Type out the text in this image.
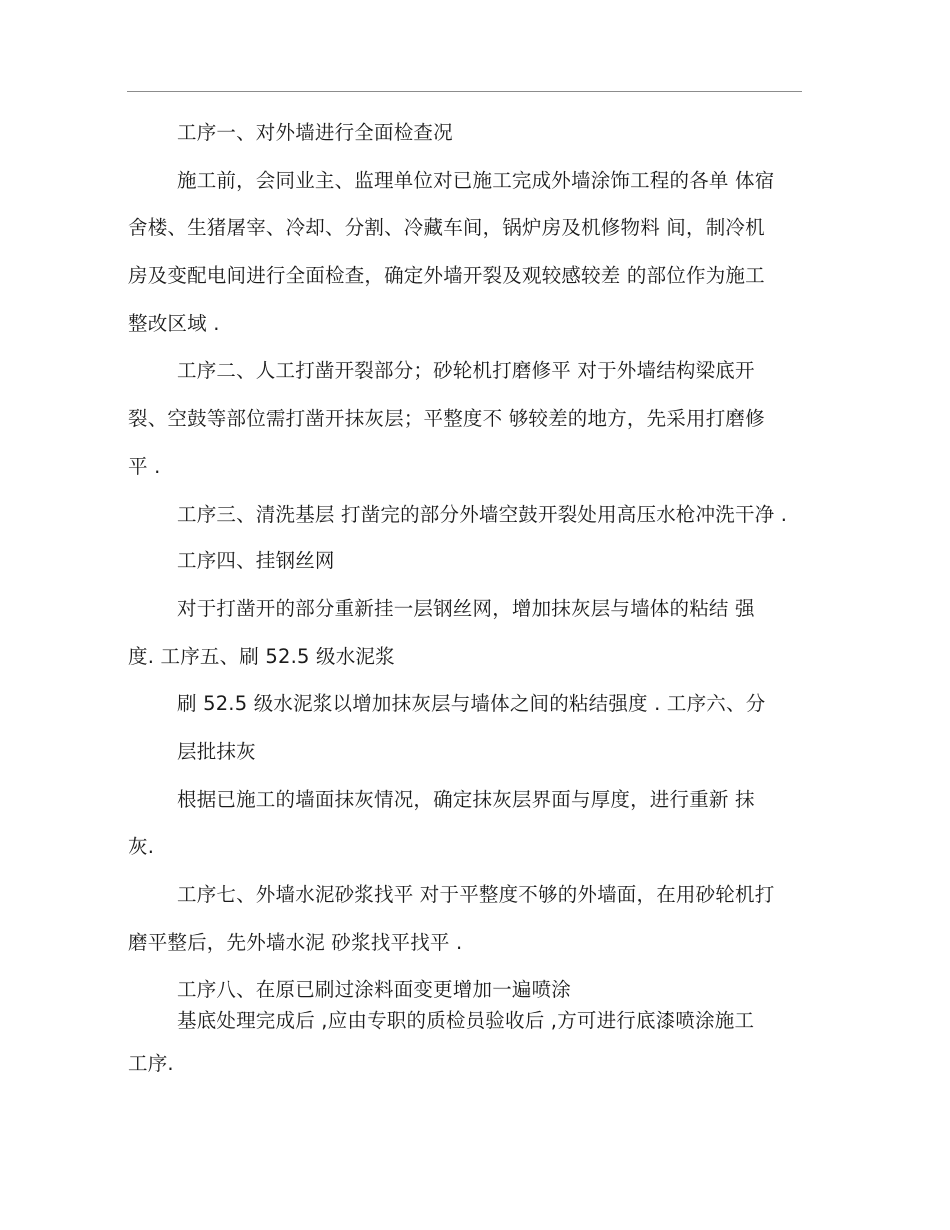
工序一、对外墙进行全面检查况
施工前，会同业主、监理单位对已施工完成外墙涂饰工程的各单 体宿
舍楼、生猪屠宰、冷却、分割、冷藏车间，锅炉房及机修物料 间，制冷机
房及变配电间进行全面检查，确定外墙开裂及观较感较差 的部位作为施工
整改区域 .
工序二、人工打凿开裂部分；砂轮机打磨修平 对于外墙结构梁底开
裂、空鼓等部位需打凿开抹灰层；平整度不 够较差的地方，先采用打磨修
平 .
工序三、清洗基层 打凿完的部分外墙空鼓开裂处用高压水枪冲洗干净 .
工序四、挂钢丝网
对于打凿开的部分重新挂一层钢丝网，增加抹灰层与墙体的粘结 强
度. 工序五、刷 52.5 级水泥浆
刷 52.5 级水泥浆以增加抹灰层与墙体之间的粘结强度 . 工序六、分
层批抹灰
根据已施工的墙面抹灰情况，确定抹灰层界面与厚度，进行重新 抹
灰.
工序七、外墙水泥砂浆找平 对于平整度不够的外墙面，在用砂轮机打
磨平整后，先外墙水泥 砂浆找平找平 .
工序八、在原已刷过涂料面变更增加一遍喷涂
基底处理完成后 ,应由专职的质检员验收后 ,方可进行底漆喷涂施工
工序.
